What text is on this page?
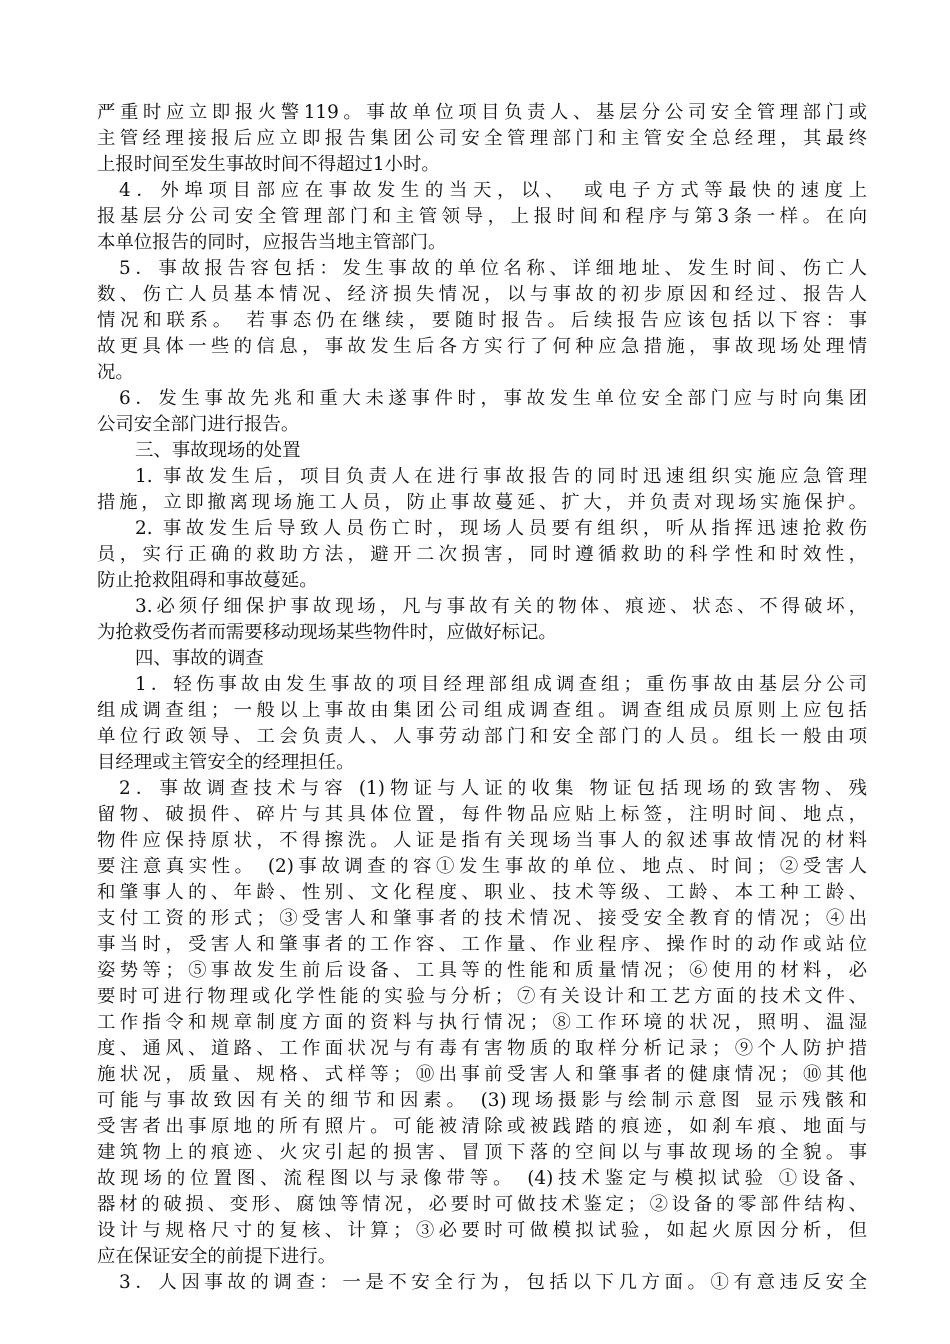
严重时应立即报火警119。事故单位项目负责人、基层分公司安全管理部门或
主管经理接报后应立即报告集团公司安全管理部门和主管安全总经理，其最终
上报时间至发生事故时间不得超过1小时。
4．外埠项目部应在事故发生的当天，以、　或电子方式等最快的速度上
报基层分公司安全管理部门和主管领导，上报时间和程序与第3条一样。在向
本单位报告的同时，应报告当地主管部门。
5．事故报告容包括：发生事故的单位名称、详细地址、发生时间、伤亡人
数、伤亡人员基本情况、经济损失情况，以与事故的初步原因和经过、报告人
情况和联系。 若事态仍在继续，要随时报告。后续报告应该包括以下容：事
故更具体一些的信息，事故发生后各方实行了何种应急措施，事故现场处理情
况。
6．发生事故先兆和重大未遂事件时，事故发生单位安全部门应与时向集团
公司安全部门进行报告。
三、事故现场的处置
1. 事故发生后，项目负责人在进行事故报告的同时迅速组织实施应急管理
措施，立即撤离现场施工人员，防止事故蔓延、扩大，并负责对现场实施保护。
2. 事故发生后导致人员伤亡时，现场人员要有组织，听从指挥迅速抢救伤
员，实行正确的救助方法，避开二次损害，同时遵循救助的科学性和时效性，
防止抢救阻碍和事故蔓延。
3.必须仔细保护事故现场，凡与事故有关的物体、痕迹、状态、不得破坏，
为抢救受伤者而需要移动现场某些物件时，应做好标记。
四、事故的调查
1．轻伤事故由发生事故的项目经理部组成调查组；重伤事故由基层分公司
组成调查组；一般以上事故由集团公司组成调查组。调查组成员原则上应包括
单位行政领导、工会负责人、人事劳动部门和安全部门的人员。组长一般由项
目经理或主管安全的经理担任。
2．事故调查技术与容 (1)物证与人证的收集 物证包括现场的致害物、残
留物、破损件、碎片与其具体位置，每件物品应贴上标签，注明时间、地点，
物件应保持原状，不得擦洗。人证是指有关现场当事人的叙述事故情况的材料
要注意真实性。 (2)事故调查的容①发生事故的单位、地点、时间；②受害人
和肇事人的、年龄、性别、文化程度、职业、技术等级、工龄、本工种工龄、
支付工资的形式；③受害人和肇事者的技术情况、接受安全教育的情况；④出
事当时，受害人和肇事者的工作容、工作量、作业程序、操作时的动作或站位
姿势等；⑤事故发生前后设备、工具等的性能和质量情况；⑥使用的材料，必
要时可进行物理或化学性能的实验与分析；⑦有关设计和工艺方面的技术文件、
工作指令和规章制度方面的资料与执行情况；⑧工作环境的状况，照明、温湿
度、通风、道路、工作面状况与有毒有害物质的取样分析记录；⑨个人防护措
施状况，质量、规格、式样等；⑩出事前受害人和肇事者的健康情况；⑩其他
可能与事故致因有关的细节和因素。 (3)现场摄影与绘制示意图 显示残骸和
受害者出事原地的所有照片。可能被清除或被践踏的痕迹，如刹车痕、地面与
建筑物上的痕迹、火灾引起的损害、冒顶下落的空间以与事故现场的全貌。事
故现场的位置图、流程图以与录像带等。 (4)技术鉴定与模拟试验 ①设备、
器材的破损、变形、腐蚀等情况，必要时可做技术鉴定；②设备的零部件结构、
设计与规格尺寸的复核、计算；③必要时可做模拟试验，如起火原因分析，但
应在保证安全的前提下进行。
3．人因事故的调查：一是不安全行为，包括以下几方面。①有意违反安全
